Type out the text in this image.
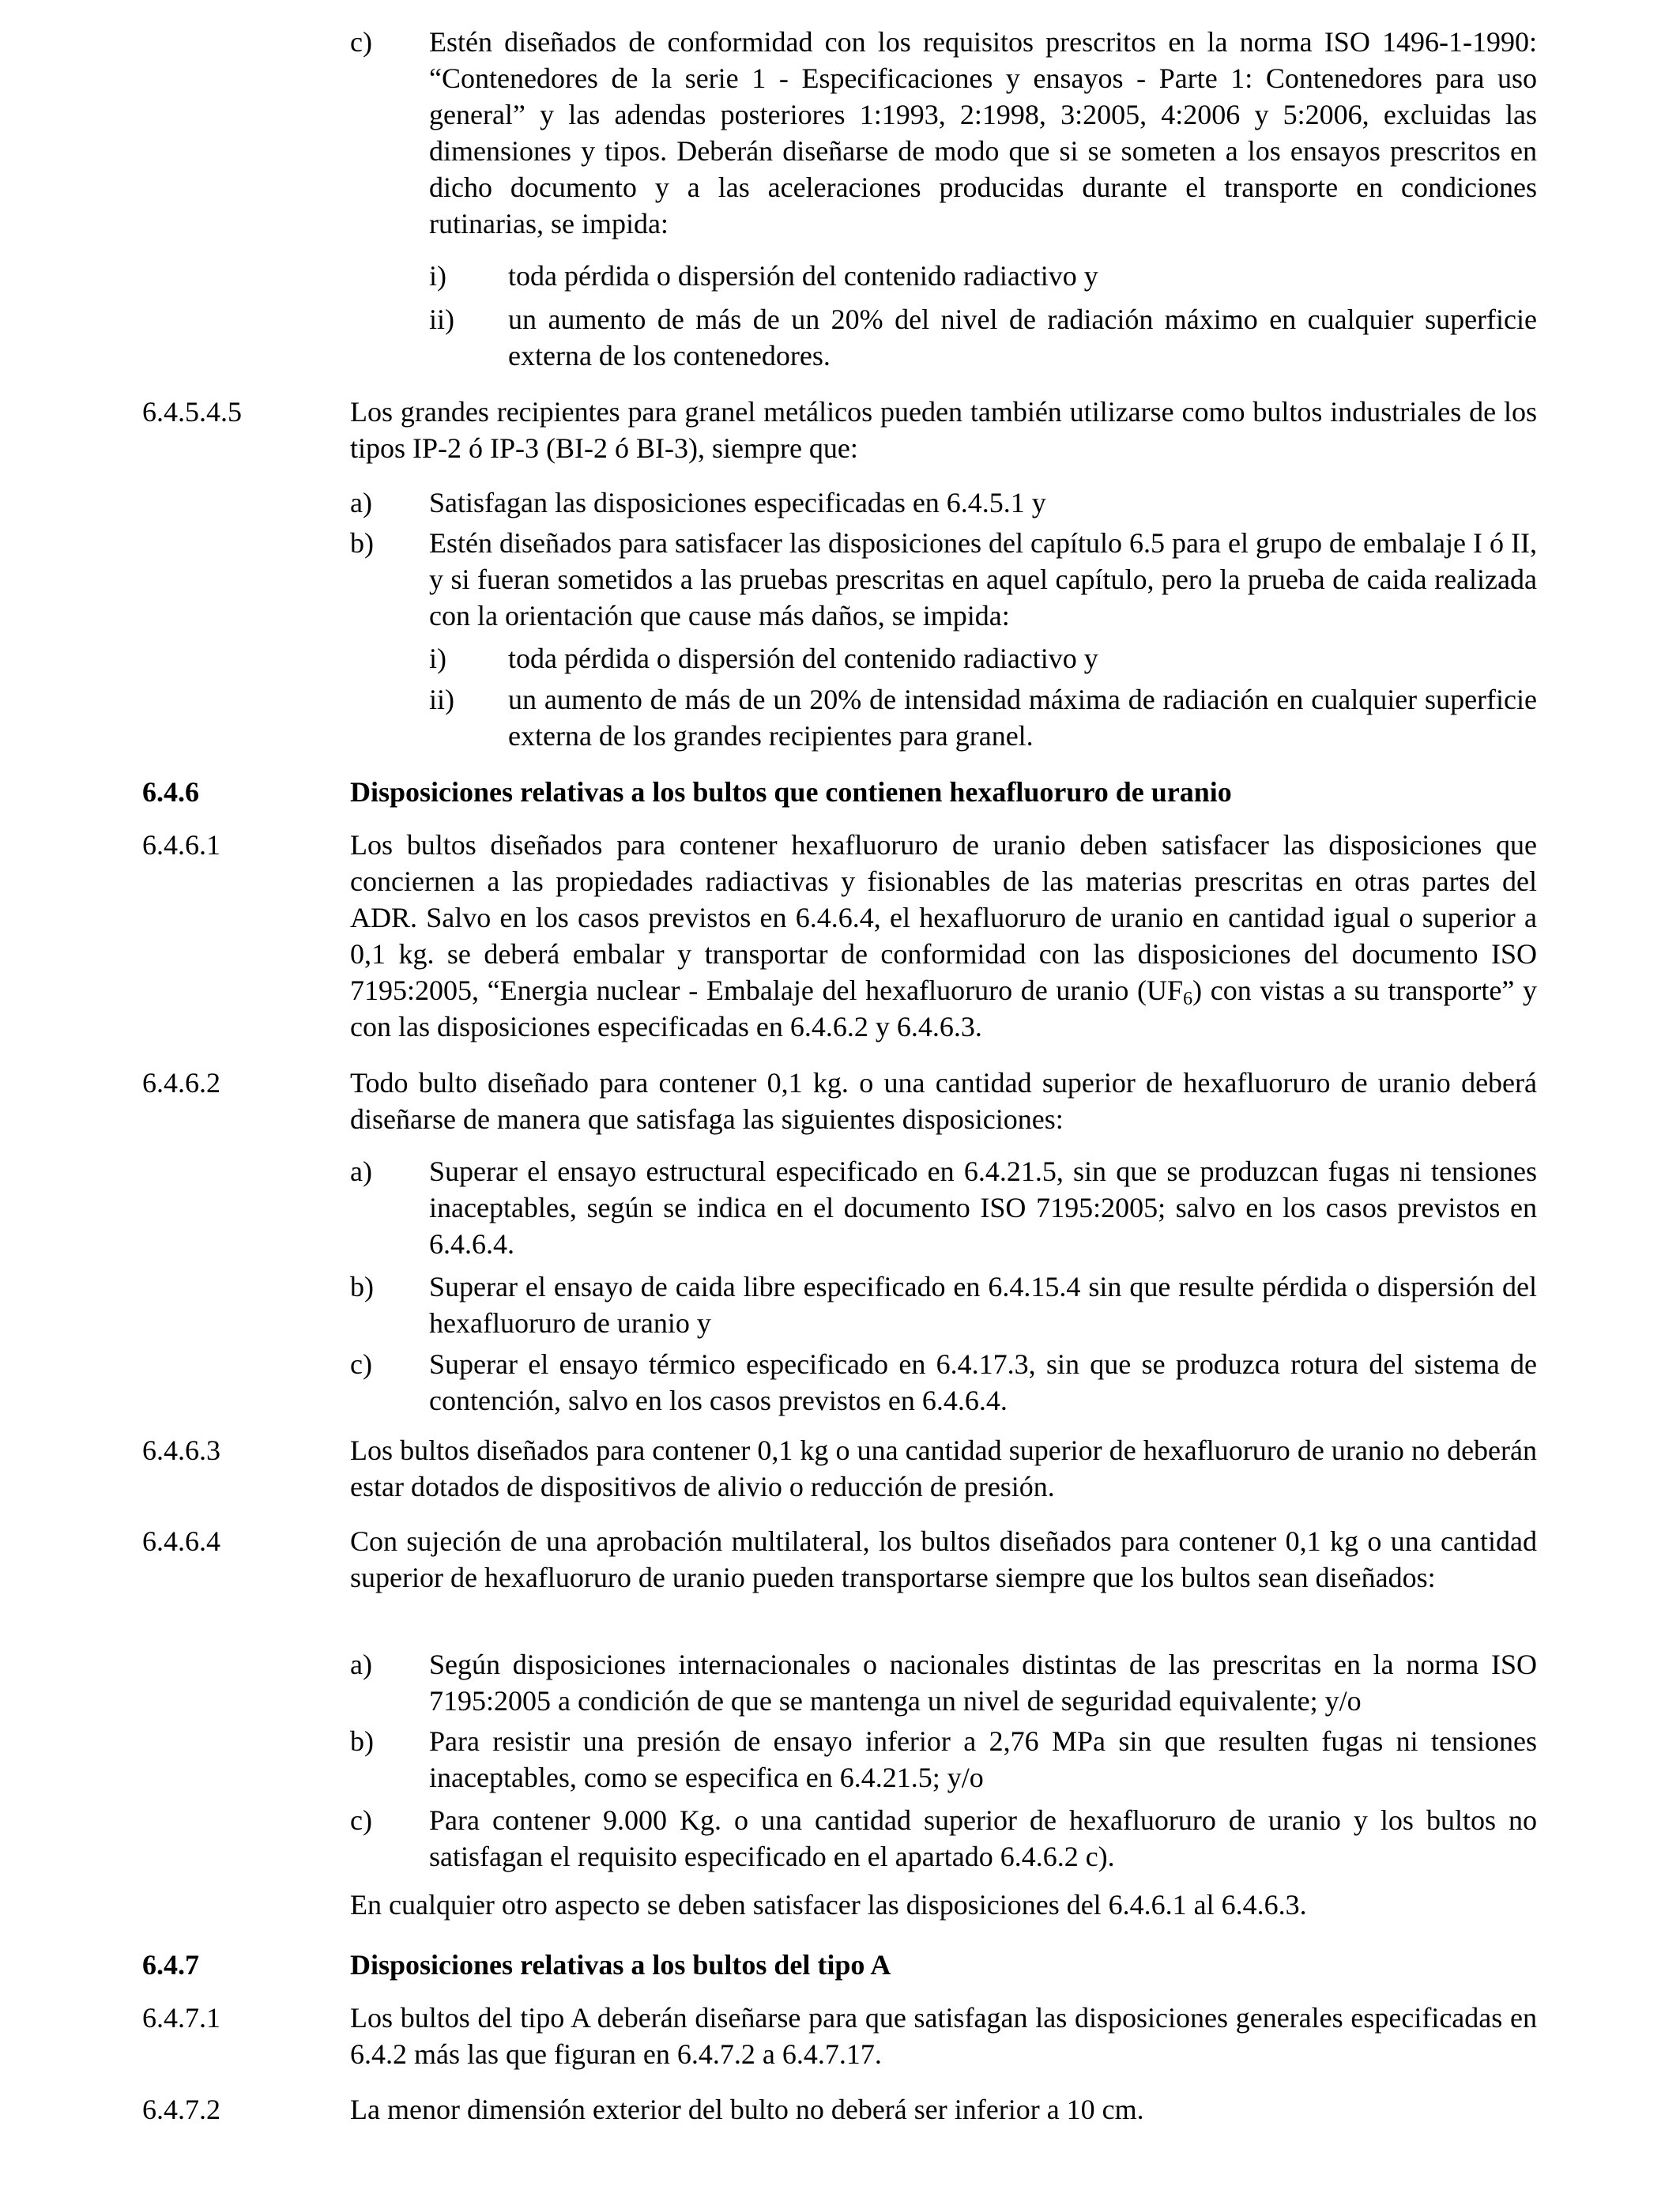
c) Estén diseñados de conformidad con los requisitos prescritos en la norma ISO 1496-1-1990: “Contenedores de la serie 1 - Especificaciones y ensayos - Parte 1: Contenedores para uso general” y las adendas posteriores 1:1993, 2:1998, 3:2005, 4:2006 y 5:2006, excluidas las dimensiones y tipos. Deberán diseñarse de modo que si se someten a los ensayos prescritos en dicho documento y a las aceleraciones producidas durante el transporte en condiciones rutinarias, se impida:
i) toda pérdida o dispersión del contenido radiactivo y
ii) un aumento de más de un 20% del nivel de radiación máximo en cualquier superficie externa de los contenedores.
6.4.5.4.5	Los grandes recipientes para granel metálicos pueden también utilizarse como bultos industriales de los tipos IP-2 ó IP-3 (BI-2 ó BI-3), siempre que:
a) Satisfagan las disposiciones especificadas en 6.4.5.1 y
b) Estén diseñados para satisfacer las disposiciones del capítulo 6.5 para el grupo de embalaje I ó II, y si fueran sometidos a las pruebas prescritas en aquel capítulo, pero la prueba de caida realizada con la orientación que cause más daños, se impida:
i) toda pérdida o dispersión del contenido radiactivo y
ii) un aumento de más de un 20% de intensidad máxima de radiación en cualquier superficie externa de los grandes recipientes para granel.
6.4.6	Disposiciones relativas a los bultos que contienen hexafluoruro de uranio
6.4.6.1	Los bultos diseñados para contener hexafluoruro de uranio deben satisfacer las disposiciones que conciernen a las propiedades radiactivas y fisionables de las materias prescritas en otras partes del ADR. Salvo en los casos previstos en 6.4.6.4, el hexafluoruro de uranio en cantidad igual o superior a 0,1 kg. se deberá embalar y transportar de conformidad con las disposiciones del documento ISO 7195:2005, “Energia nuclear - Embalaje del hexafluoruro de uranio $(UF_6)$ con vistas a su transporte” y con las disposiciones especificadas en 6.4.6.2 y 6.4.6.3.
6.4.6.2	Todo bulto diseñado para contener 0,1 kg. o una cantidad superior de hexafluoruro de uranio deberá diseñarse de manera que satisfaga las siguientes disposiciones:
a) Superar el ensayo estructural especificado en 6.4.21.5, sin que se produzcan fugas ni tensiones inaceptables, según se indica en el documento ISO 7195:2005; salvo en los casos previstos en 6.4.6.4.
b) Superar el ensayo de caida libre especificado en 6.4.15.4 sin que resulte pérdida o dispersión del hexafluoruro de uranio y
c) Superar el ensayo térmico especificado en 6.4.17.3, sin que se produzca rotura del sistema de contención, salvo en los casos previstos en 6.4.6.4.
6.4.6.3	Los bultos diseñados para contener 0,1 kg o una cantidad superior de hexafluoruro de uranio no deberán estar dotados de dispositivos de alivio o reducción de presión.
6.4.6.4	Con sujeción de una aprobación multilateral, los bultos diseñados para contener 0,1 kg o una cantidad superior de hexafluoruro de uranio pueden transportarse siempre que los bultos sean diseñados:
a) Según disposiciones internacionales o nacionales distintas de las prescritas en la norma ISO 7195:2005 a condición de que se mantenga un nivel de seguridad equivalente; y/o
b) Para resistir una presión de ensayo inferior a 2,76 MPa sin que resulten fugas ni tensiones inaceptables, como se especifica en 6.4.21.5; y/o
c) Para contener 9.000 Kg. o una cantidad superior de hexafluoruro de uranio y los bultos no satisfagan el requisito especificado en el apartado 6.4.6.2 c).
En cualquier otro aspecto se deben satisfacer las disposiciones del 6.4.6.1 al 6.4.6.3.
6.4.7	Disposiciones relativas a los bultos del tipo A
6.4.7.1	Los bultos del tipo A deberán diseñarse para que satisfagan las disposiciones generales especificadas en 6.4.2 más las que figuran en 6.4.7.2 a 6.4.7.17.
6.4.7.2	La menor dimensión exterior del bulto no deberá ser inferior a 10 cm.
